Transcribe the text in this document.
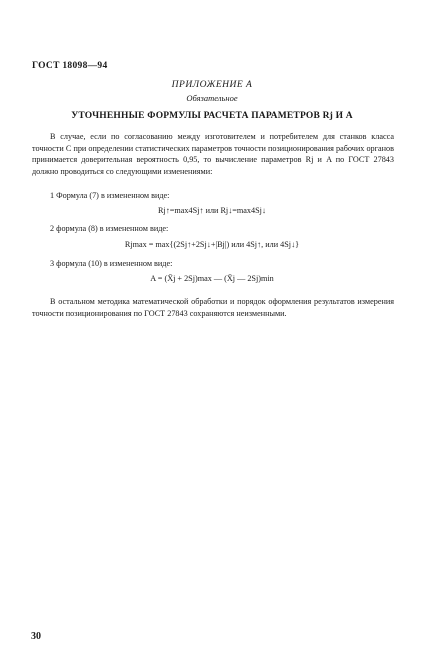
ГОСТ 18098—94
ПРИЛОЖЕНИЕ А
Обязательное
УТОЧНЕННЫЕ ФОРМУЛЫ РАСЧЕТА ПАРАМЕТРОВ Rj И A
В случае, если по согласованию между изготовителем и потребителем для станков класса точности С при определении статистических параметров точности позиционирования рабочих органов принимается доверительная вероятность 0,95, то вычисление параметров Rj и A по ГОСТ 27843 должно проводиться со следующими изменениями:
1 Формула (7) в измененном виде:
Rj↑=max4Sj↑ или Rj↓=max4Sj↓
2 формула (8) в измененном виде:
Rjmax = max{(2Sj↑+2Sj↓+|Bj|) или 4Sj↑, или 4Sj↓}
3 формула (10) в измененном виде:
A = (X̄j + 2Sj)max — (X̄j — 2Sj)min
В остальном методика математической обработки и порядок оформления результатов измерения точности позиционирования по ГОСТ 27843 сохраняются неизменными.
30
